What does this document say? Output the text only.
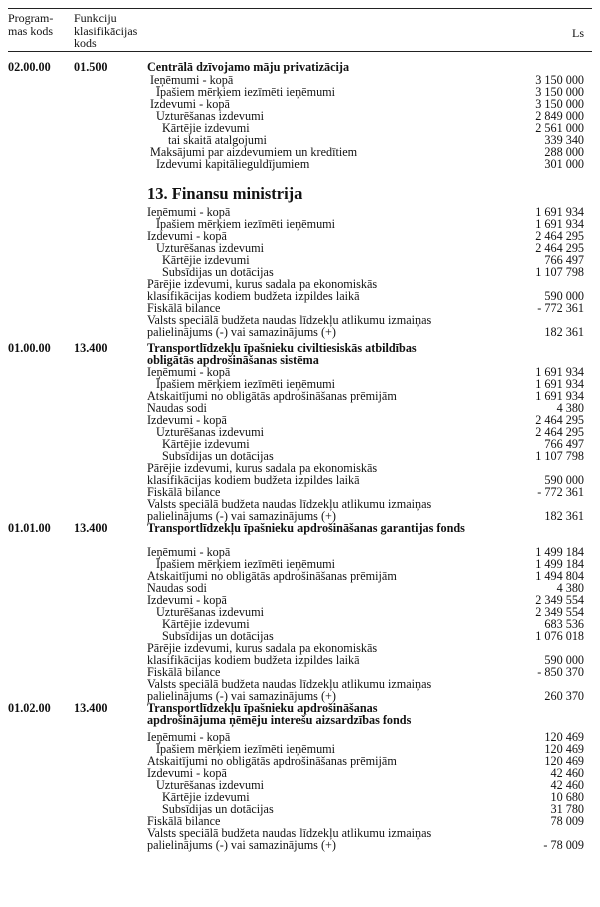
Program-
mas kods
Funkciju
klasifikācijas
kods
Ls
02.00.00 01.500	Centrālā dzīvojamo māju privatizācija
Ieņēmumi - kopā	3 150 000
Īpašiem mērķiem iezīmēti ieņēmumi	3 150 000
Izdevumi - kopā	3 150 000
Uzturēšanas izdevumi	2 849 000
Kārtējie izdevumi	2 561 000
tai skaitā atalgojumi	339 340
Maksājumi par aizdevumiem un kredītiem	288 000
Izdevumi kapitālieguldījumiem	301 000
13. Finansu ministrija
Ieņēmumi - kopā	1 691 934
Īpašiem mērķiem iezīmēti ieņēmumi	1 691 934
Izdevumi - kopā	2 464 295
Uzturēšanas izdevumi	2 464 295
Kārtējie izdevumi	766 497
Subsīdijas un dotācijas	1 107 798
Pārējie izdevumi, kurus sadala pa ekonomiskās
klasifikācijas kodiem budžeta izpildes laikā	590 000
Fiskālā bilance	- 772 361
Valsts speciālā budžeta naudas līdzekļu atlikumu izmaiņas
palielinājums (-) vai samazinājums (+)	182 361
01.00.00 13.400	Transportlīdzekļu īpašnieku civiltiesiskās atbildības
obligātās apdrošināšanas sistēma
Ieņēmumi - kopā	1 691 934
Īpašiem mērķiem iezīmēti ieņēmumi	1 691 934
Atskaitījumi no obligātās apdrošināšanas prēmijām	1 691 934
Naudas sodi	4 380
Izdevumi - kopā	2 464 295
Uzturēšanas izdevumi	2 464 295
Kārtējie izdevumi	766 497
Subsīdijas un dotācijas	1 107 798
Pārējie izdevumi, kurus sadala pa ekonomiskās
klasifikācijas kodiem budžeta izpildes laikā	590 000
Fiskālā bilance	- 772 361
Valsts speciālā budžeta naudas līdzekļu atlikumu izmaiņas
palielinājums (-) vai samazinājums (+)	182 361
01.01.00 13.400	Transportlīdzekļu īpašnieku apdrošināšanas garantijas fonds
Ieņēmumi - kopā	1 499 184
Īpašiem mērķiem iezīmēti ieņēmumi	1 499 184
Atskaitījumi no obligātās apdrošināšanas prēmijām	1 494 804
Naudas sodi	4 380
Izdevumi - kopā	2 349 554
Uzturēšanas izdevumi	2 349 554
Kārtējie izdevumi	683 536
Subsīdijas un dotācijas	1 076 018
Pārējie izdevumi, kurus sadala pa ekonomiskās
klasifikācijas kodiem budžeta izpildes laikā	590 000
Fiskālā bilance	- 850 370
Valsts speciālā budžeta naudas līdzekļu atlikumu izmaiņas
palielinājums (-) vai samazinājums (+)	260 370
01.02.00 13.400	Transportlīdzekļu īpašnieku apdrošināšanas
apdrošinājuma ņēmēju interešu aizsardzības fonds
Ieņēmumi - kopā	120 469
Īpašiem mērķiem iezīmēti ieņēmumi	120 469
Atskaitījumi no obligātās apdrošināšanas prēmijām	120 469
Izdevumi - kopā	42 460
Uzturēšanas izdevumi	42 460
Kārtējie izdevumi	10 680
Subsīdijas un dotācijas	31 780
Fiskālā bilance	78 009
Valsts speciālā budžeta naudas līdzekļu atlikumu izmaiņas
palielinājums (-) vai samazinājums (+)	- 78 009
